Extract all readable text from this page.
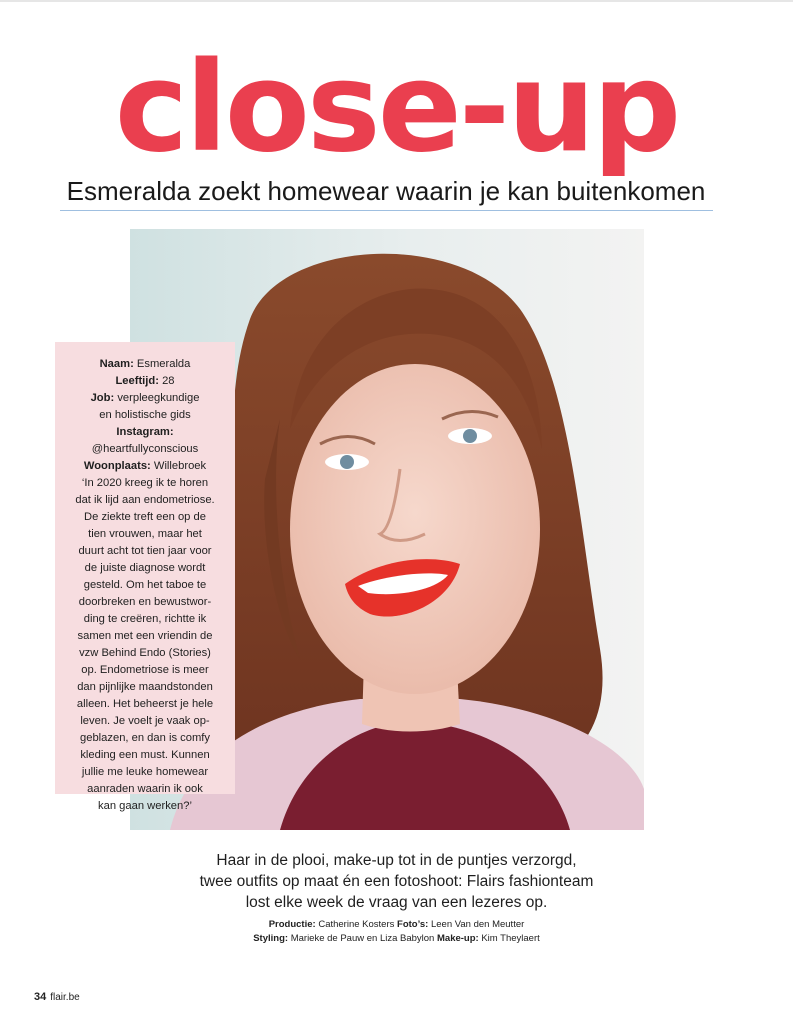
close-up
Esmeralda zoekt homewear waarin je kan buitenkomen

Naam: Esmeralda

Leeftijd: 28

Job: verpleegkundige
en holistische gids

Instagram:
@heartfullyconscious

Woonplaats: Willebroek

‘In 2020 kreeg ik te horen
dat ik lijd aan endometriose.
De ziekte treft een op de
tien vrouwen, maar het
duurt acht tot tien jaar voor
de juiste diagnose wordt
gesteld. Om het taboe te
doorbreken en bewustwor-
ding te creëren, richtte ik
samen met een vriendin de
vzw Behind Endo (Stories)
op. Endometriose is meer
dan pijnlijke maandstonden
alleen. Het beheerst je hele
leven. Je voelt je vaak op-
geblazen, en dan is comfy
kleding een must. Kunnen
jullie me leuke homewear
aanraden waarin ik ook
kan gaan werken?’

Haar in de plooi, make-up tot in de puntjes verzorgd,
twee outfits op maat én een fotoshoot: Flairs fashionteam
lost elke week de vraag van een lezeres op.
Productie: Catherine Kosters Foto’s: Leen Van den Meutter
Styling: Marieke de Pauw en Liza Babylon Make-up: Kim Theylaert
34 flair.be
